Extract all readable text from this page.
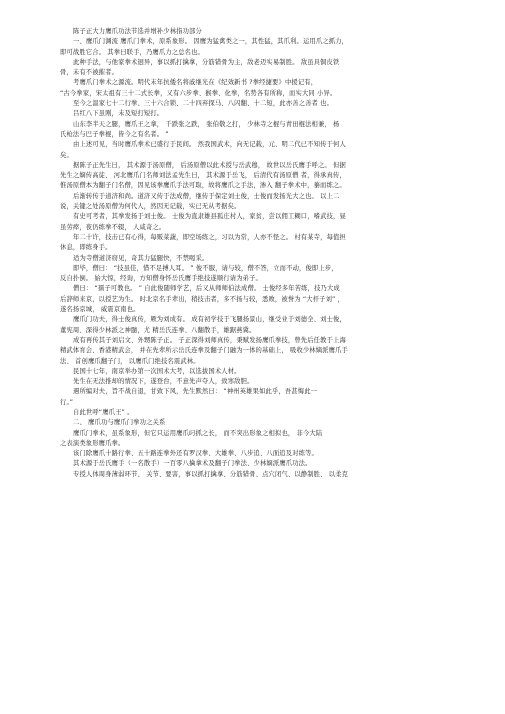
陈子正大力鹰爪功法节选并增补少林指功部分
一、鹰爪门渊流 鹰爪门拳术，原系象形。 因鹰为猛禽类之一，其性猛，其爪利。运用爪之抓力，
即可战胜它合。 其拳曰联手，乃鹰爪力之总名也。
此种手法，与他家拳术迥异，事以抓打擒拿，分筋错骨为主，敌老迈实易制胜。 敌虽具铜皮铁
骨，未有不被摧者。
考鹰爪门拳术之源流。明代末年抗倭名将戚继光在《纪效新书 ?拳经捷要》中援记有，
“古今拳家，宋太祖有三十二式长拳，又有六步拳、猴拳、化拳，名势各有所称，而实大同 小异。
至今之温家七十二行拳、三十六合锁、二十四弃探马、八闪翻、十二短，此亦善之善者 也。
吕红八下虽刚，未及短打短打。
山东李半天之腿，鹰爪王之拿， 千跌张之跌， 张伯敬之打， 少林寺之棍与青田棍法相兼， 杨
氏枪法与巴子拳棍，皆今之有名者。 ”
由上述可见，当时鹰爪拳术已盛行于民间。 然我国武术，向无记载，元、明二代已不知传于何人
矣。
据陈子正先生曰， 其术源于汤原僧， 后汤原僧以此术授与岳武穆， 故世以岳氏鹰手呼之。 但据
先生之嫡传高徒、 河北鹰爪门名师刘法孟先生曰， 其术源于岳飞， 后清代有汤原僧 者，得承真传，
惟汤原僧本为翻子门名僧，因见该拳鹰爪手法可取，故将鹰爪之手法，渗入 翻子拳术中，蓁而练之。
后渐转传于道济和尚。道济又传于法成僧，继传于保定刘士俊，士俊而发扬光大之也。 以上二
说，关键之处汤原僧为何代人，然因无记载，实已无从考据矣。
有史可考者，其拳发扬于刘士俊。 士俊为直隶雄县狐庄村人，家贫，尝以佣工糊口，嗜武技，昼
虽劳瘁，夜仍练拳不辍， 人咸奇之。
年二十许，技击已有心得，每贩菜蔬，即空场练之，习以为常，人亦不怪之。 村有某寺，每值担
休息，即练身手。
适为寺僧道济窃见，奇其力猛腿快，不禁喝采。
即毕，僧曰： “技虽佳，惜不足搏人耳。 ” 俊不服，请与较，僧不答，立而不动，俊即上步，
反自扑倒。 始大惊，经询，方知僧身怀岳氏鹰手绝技遂顺行请为弟子。
僧曰： “孺子可教也。 ” 自此俊随师学艺，后又从师师伯法成僧。 士俊经多年苦练，技乃大成
后辞师来京，以授艺为生。 时北京名手辈出，稍技击者，多不扬与较，悉败，被誉为 “大杆子刘” ，
遂名扬京城， 威震京南也。
鹰爪门功夫，得士俊真传，厥为刘成有。 成有初学技于飞腿扬景山，继受业于刘德全、刘士俊，
董宪周、深得少林派之神髓，尤 精岳氏连拳、八翻散手，雄踞燕冀。
成有再传其子刘启文、外甥陈子正。 子正深得刘师真传，秉赋发扬鹰爪拳技，曾先后任教于上海
精武体育会、香港精武会， 并在先辈所示岳氏连拳及翻子门融为一体的基础上， 吸收少林嫡派鹰爪手
法、 首创鹰爪翻子门， 以鹰爪门绝技名震武林。
民国十七年，南京举办第一次国术大考，以选拔国术人材。
先生在无法推却的情况下，遂登台，不意先声夺人，致寒敌胆。
遇所编对夫，旨不战自退，甘致下风，先生默然曰： “神州英雄果如此乎，吾甚悔此一
行。”
自此世呼“鹰爪王” 。
二、 鹰爪功与鹰爪门拳功之关系
鹰爪门拳术，虽系象形，但它只运用鹰爪叼抓之长， 而不突出形象之相拟也， 非今大陆
之表演类象形鹰爪拳。
该门除鹰爪十路行拳、五十路连拳外还有罗汉拳、大雄拳、八步追、八面追及对练等。
其术源于岳氏鹰手（一名散手）一百零八擒拿术及翻子门拳法、少林嫡派鹰爪功法。
专授人体周身薄弱环节、 关节、要害，事以抓打擒拿、分筋错骨、点穴闭气、以静制胜、 以柔克
